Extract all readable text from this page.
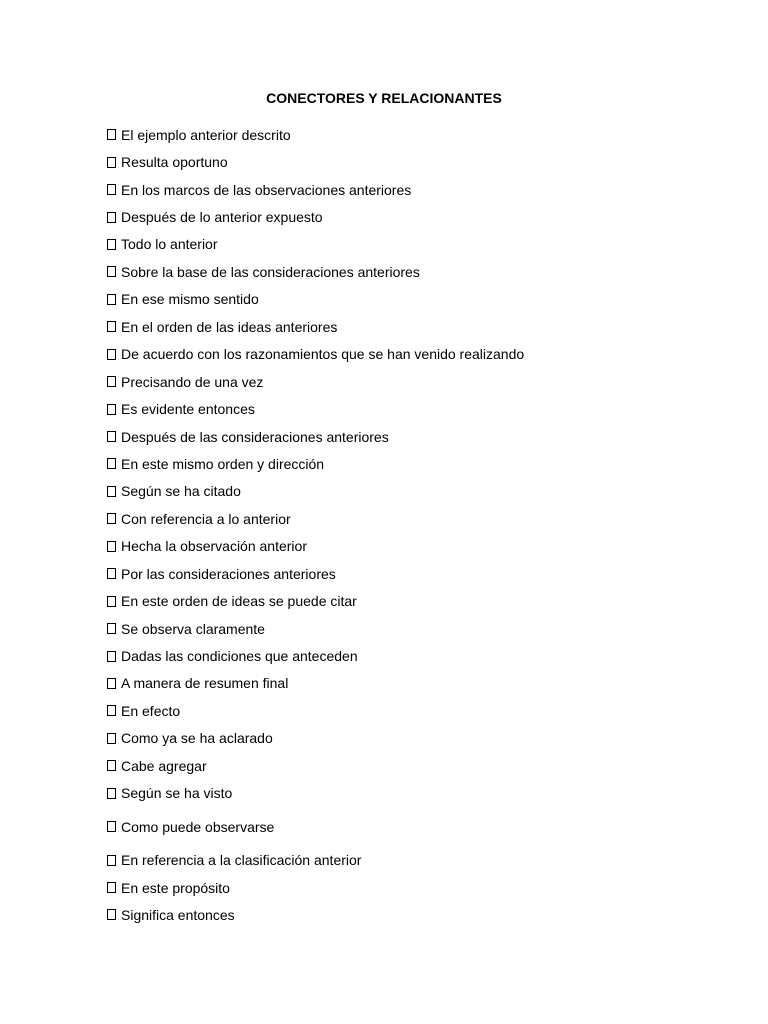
CONECTORES Y RELACIONANTES
El ejemplo anterior descrito
Resulta oportuno
En los marcos de las observaciones anteriores
Después de lo anterior expuesto
Todo lo anterior
Sobre la base de las consideraciones anteriores
En ese mismo sentido
En el orden de las ideas anteriores
De acuerdo con los razonamientos que se han venido realizando
Precisando de una vez
Es evidente entonces
Después de las consideraciones anteriores
En este mismo orden y dirección
Según se ha citado
Con referencia a lo anterior
Hecha la observación anterior
Por las consideraciones anteriores
En este orden de ideas se puede citar
Se observa claramente
Dadas las condiciones que anteceden
A manera de resumen final
En efecto
Como ya se ha aclarado
Cabe agregar
Según se ha visto
Como puede observarse
En referencia a la clasificación anterior
En este propósito
Significa entonces
